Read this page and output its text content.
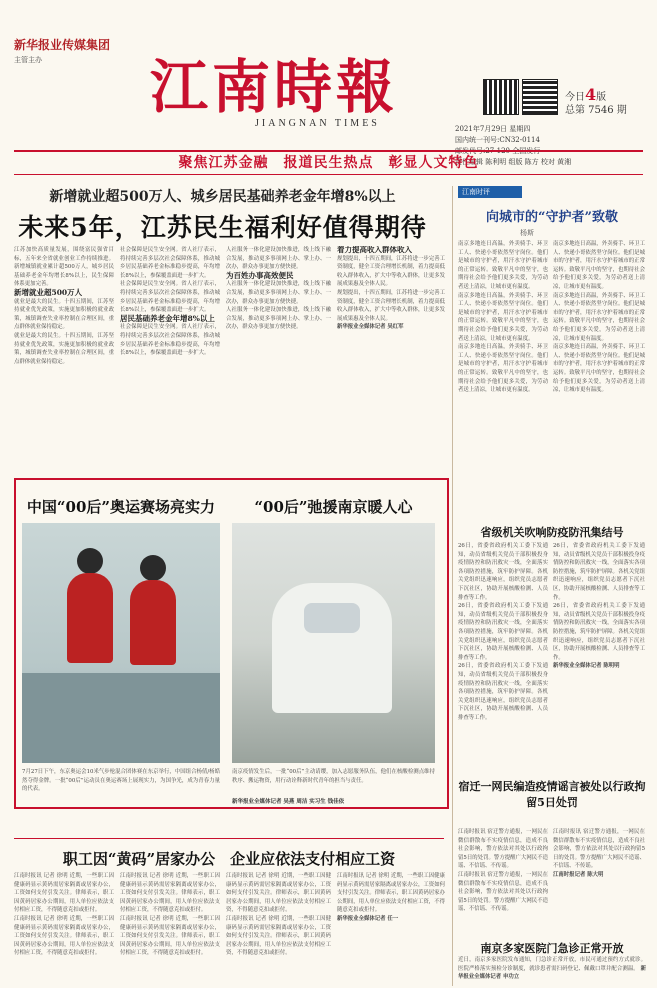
新华报业传媒集团
主管主办	江南時報
JIANGNAN TIMES
今日4版
总第 7546 期
2021年7月29日 星期四
国内统一刊号:CN32-0114
责任编辑 陈利明 组版 陈方 校对 黄湘
聚焦江苏金融　报道民生热点　彰显人文特色
新增就业超500万人、城乡居民基础养老金年增8%以上
未来5年，江苏民生福利好值得期待
江苏加快高质量发展，围绕富民强省目标，五年来全省就业创业工作持续推进。新增城镇就业累计超500万人，城乡居民基础养老金年均增长8%以上，民生保障体系更加完善。

新增就业超500万人
就业是最大的民生。十四五期间，江苏坚持就业优先政策，实施更加积极的就业政策，城镇调查失业率控制在合理区间，重点群体就业保持稳定。
就业是最大的民生。十四五期间，江苏坚持就业优先政策，实施更加积极的就业政策，城镇调查失业率控制在合理区间，重点群体就业保持稳定。
社会保障是民生安全网。省人社厅表示，将持续完善多层次社会保障体系，推动城乡居民基础养老金标准稳步提高，年均增长8%以上，参保覆盖面进一步扩大。
社会保障是民生安全网。省人社厅表示，将持续完善多层次社会保障体系，推动城乡居民基础养老金标准稳步提高，年均增长8%以上，参保覆盖面进一步扩大。
居民基础养老金年增8%以上
社会保障是民生安全网。省人社厅表示，将持续完善多层次社会保障体系，推动城乡居民基础养老金标准稳步提高，年均增长8%以上，参保覆盖面进一步扩大。
人社服务一体化建设加快推进，线上线下融合发展，推动更多事项网上办、掌上办、一次办，群众办事更加方便快捷。
为百姓办事高效便民
人社服务一体化建设加快推进，线上线下融合发展，推动更多事项网上办、掌上办、一次办，群众办事更加方便快捷。
人社服务一体化建设加快推进，线上线下融合发展，推动更多事项网上办、掌上办、一次办，群众办事更加方便快捷。
着力提高收入群体收入
规划提出，十四五期间，江苏将进一步完善工资制度，健全工资合理增长机制，着力提高低收入群体收入，扩大中等收入群体，让更多发展成果惠及全体人民。
规划提出，十四五期间，江苏将进一步完善工资制度，健全工资合理增长机制，着力提高低收入群体收入，扩大中等收入群体，让更多发展成果惠及全体人民。
新华报业全媒体记者 吴红军
江南时评
向城市的“守护者”致敬
杨斯
南京多地连日高温，外卖骑手、环卫工人、快递小哥依然坚守岗位。他们是城市的守护者，用汗水守护着城市的正常运转。致敬平凡中的坚守，也期待社会给予他们更多关爱，为劳动者送上清凉，让城市更有温度。
南京多地连日高温，外卖骑手、环卫工人、快递小哥依然坚守岗位。他们是城市的守护者，用汗水守护着城市的正常运转。致敬平凡中的坚守，也期待社会给予他们更多关爱，为劳动者送上清凉，让城市更有温度。
南京多地连日高温，外卖骑手、环卫工人、快递小哥依然坚守岗位。他们是城市的守护者，用汗水守护着城市的正常运转。致敬平凡中的坚守，也期待社会给予他们更多关爱，为劳动者送上清凉，让城市更有温度。
南京多地连日高温，外卖骑手、环卫工人、快递小哥依然坚守岗位。他们是城市的守护者，用汗水守护着城市的正常运转。致敬平凡中的坚守，也期待社会给予他们更多关爱，为劳动者送上清凉，让城市更有温度。
南京多地连日高温，外卖骑手、环卫工人、快递小哥依然坚守岗位。他们是城市的守护者，用汗水守护着城市的正常运转。致敬平凡中的坚守，也期待社会给予他们更多关爱，为劳动者送上清凉，让城市更有温度。
南京多地连日高温，外卖骑手、环卫工人、快递小哥依然坚守岗位。他们是城市的守护者，用汗水守护着城市的正常运转。致敬平凡中的坚守，也期待社会给予他们更多关爱，为劳动者送上清凉，让城市更有温度。
中国“00后”奥运赛场亮实力	“00后”弛援南京暖人心
7月27日下午，东京奥运会10米气步枪混合团体赛在东京举行，中国组合杨倩/杨皓然夺得金牌。一批“00后”运动员在奥运赛场上展现实力，为国争光，成为青春力量的代表。
南京疫情发生后，一批“00后”主动请缨，加入志愿服务队伍，他们在核酸检测点维持秩序、搬运物资，用行动诠释新时代青年的担当与责任。
新华报业全媒体记者 吴燕 周洁 实习生 钱佳依
省级机关吹响防疫防汛集结号
26日，省委省政府机关工委下发通知，动员省级机关党员干部积极投身疫情防控和防汛救灾一线，全面落实各项防控措施，筑牢防护屏障。各机关党组织迅速响应，组织党员志愿者下沉社区，协助开展核酸检测、人员排查等工作。
26日，省委省政府机关工委下发通知，动员省级机关党员干部积极投身疫情防控和防汛救灾一线，全面落实各项防控措施，筑牢防护屏障。各机关党组织迅速响应，组织党员志愿者下沉社区，协助开展核酸检测、人员排查等工作。
26日，省委省政府机关工委下发通知，动员省级机关党员干部积极投身疫情防控和防汛救灾一线，全面落实各项防控措施，筑牢防护屏障。各机关党组织迅速响应，组织党员志愿者下沉社区，协助开展核酸检测、人员排查等工作。
26日，省委省政府机关工委下发通知，动员省级机关党员干部积极投身疫情防控和防汛救灾一线，全面落实各项防控措施，筑牢防护屏障。各机关党组织迅速响应，组织党员志愿者下沉社区，协助开展核酸检测、人员排查等工作。
26日，省委省政府机关工委下发通知，动员省级机关党员干部积极投身疫情防控和防汛救灾一线，全面落实各项防控措施，筑牢防护屏障。各机关党组织迅速响应，组织党员志愿者下沉社区，协助开展核酸检测、人员排查等工作。
新华报业全媒体记者 陈明明
宿迁一网民编造疫情谣言被处以行政拘留5日处罚
江南时报讯 宿迁警方通报，一网民在微信群散布不实疫情信息，造成不良社会影响，警方依法对其处以行政拘留5日的处罚。警方提醒广大网民不造谣、不信谣、不传谣。
江南时报讯 宿迁警方通报，一网民在微信群散布不实疫情信息，造成不良社会影响，警方依法对其处以行政拘留5日的处罚。警方提醒广大网民不造谣、不信谣、不传谣。
江南时报讯 宿迁警方通报，一网民在微信群散布不实疫情信息，造成不良社会影响，警方依法对其处以行政拘留5日的处罚。警方提醒广大网民不造谣、不信谣、不传谣。
江南时报记者 陈大明
南京多家医院门急诊正常开放
近日，南京多家医院发布通知，门急诊正常开放，市民可通过预约方式就诊。医院严格落实预检分诊制度，就诊患者需扫码登记、佩戴口罩并配合测温。 新华报业全媒体记者 申功立
职工因“黄码”居家办公　企业应依法支付相应工资
江南时报讯 记者 徐明 近期，一些职工因健康码显示黄码需居家隔离或居家办公，工资如何支付引发关注。律师表示，职工因黄码居家办公期间，用人单位应依法支付相应工资，不得随意克扣或拒付。
江南时报讯 记者 徐明 近期，一些职工因健康码显示黄码需居家隔离或居家办公，工资如何支付引发关注。律师表示，职工因黄码居家办公期间，用人单位应依法支付相应工资，不得随意克扣或拒付。
江南时报讯 记者 徐明 近期，一些职工因健康码显示黄码需居家隔离或居家办公，工资如何支付引发关注。律师表示，职工因黄码居家办公期间，用人单位应依法支付相应工资，不得随意克扣或拒付。
江南时报讯 记者 徐明 近期，一些职工因健康码显示黄码需居家隔离或居家办公，工资如何支付引发关注。律师表示，职工因黄码居家办公期间，用人单位应依法支付相应工资，不得随意克扣或拒付。
江南时报讯 记者 徐明 近期，一些职工因健康码显示黄码需居家隔离或居家办公，工资如何支付引发关注。律师表示，职工因黄码居家办公期间，用人单位应依法支付相应工资，不得随意克扣或拒付。
江南时报讯 记者 徐明 近期，一些职工因健康码显示黄码需居家隔离或居家办公，工资如何支付引发关注。律师表示，职工因黄码居家办公期间，用人单位应依法支付相应工资，不得随意克扣或拒付。
江南时报讯 记者 徐明 近期，一些职工因健康码显示黄码需居家隔离或居家办公，工资如何支付引发关注。律师表示，职工因黄码居家办公期间，用人单位应依法支付相应工资，不得随意克扣或拒付。
新华报业全媒体记者 任一
